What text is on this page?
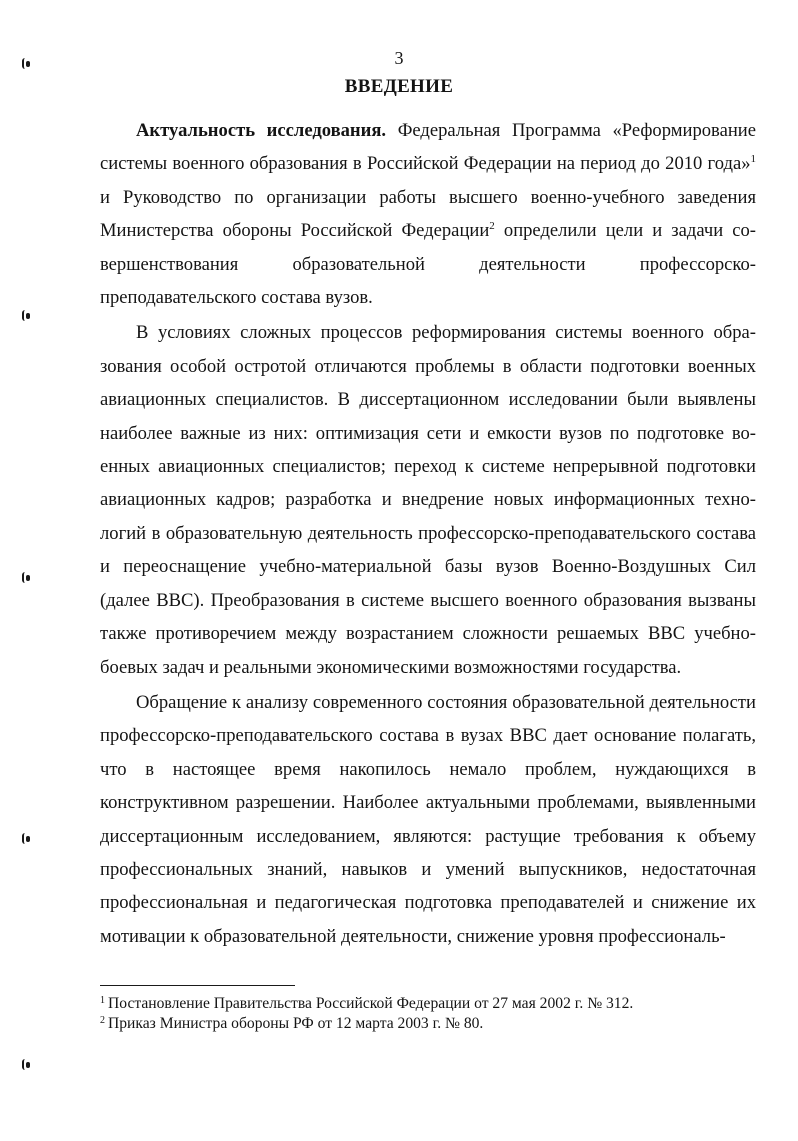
3
ВВЕДЕНИЕ

Актуальность исследования. Федеральная Программа «Реформирование системы военного образования в Российской Федерации на период до 2010 года»$^1$ и Руководство по организации работы высшего военно-учебного заведения Министерства обороны Российской Федерации$^2$ определили цели и задачи совершенствования образовательной деятельности профессорско-преподавательского состава вузов.

В условиях сложных процессов реформирования системы военного образования особой остротой отличаются проблемы в области подготовки военных авиационных специалистов. В диссертационном исследовании были выявлены наиболее важные из них: оптимизация сети и емкости вузов по подготовке военных авиационных специалистов; переход к системе непрерывной подготовки авиационных кадров; разработка и внедрение новых информационных технологий в образовательную деятельность профессорско-преподавательского состава и переоснащение учебно-материальной базы вузов Военно-Воздушных Сил (далее ВВС). Преобразования в системе высшего военного образования вызваны также противоречием между возрастанием сложности решаемых ВВС учебно-боевых задач и реальными экономическими возможностями государства.

Обращение к анализу современного состояния образовательной деятельности профессорско-преподавательского состава в вузах ВВС дает основание полагать, что в настоящее время накопилось немало проблем, нуждающихся в конструктивном разрешении. Наиболее актуальными проблемами, выявленными диссертационным исследованием, являются: растущие требования к объему профессиональных знаний, навыков и умений выпускников, недостаточная профессиональная и педагогическая подготовка преподавателей и снижение их мотивации к образовательной деятельности, снижение уровня профессиональ-

$^1$ Постановление Правительства Российской Федерации от 27 мая 2002 г. № 312.

$^2$ Приказ Министра обороны РФ от 12 марта 2003 г. № 80.
